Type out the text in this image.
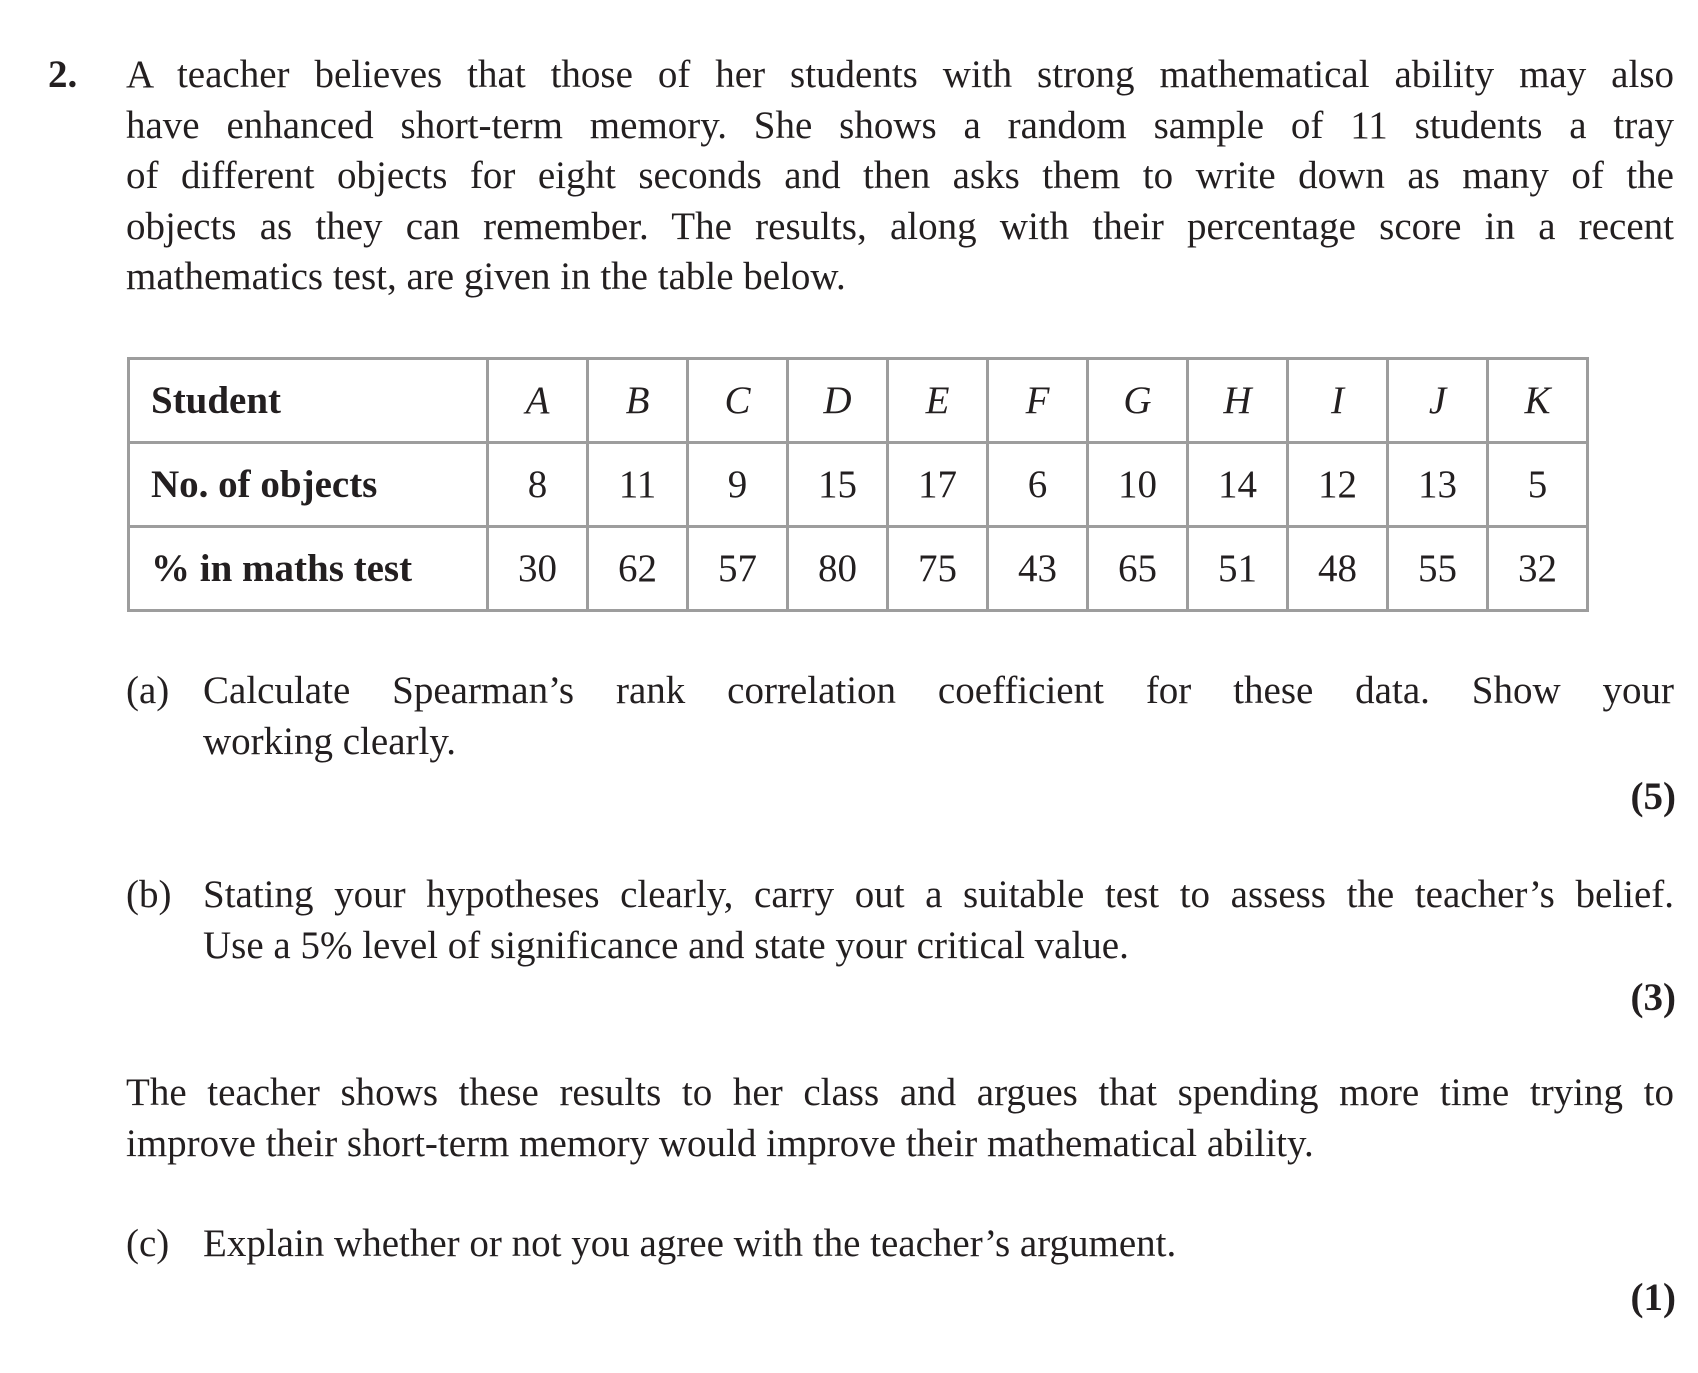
2. A teacher believes that those of her students with strong mathematical ability may also
have enhanced short-term memory. She shows a random sample of 11 students a tray
of different objects for eight seconds and then asks them to write down as many of the
objects as they can remember. The results, along with their percentage score in a recent
mathematics test, are given in the table below.
Student	A	B	C	D	E	F	G	H	I	J	K
No. of objects	8	11	9	15	17	6	10	14	12	13	5
% in maths test	30	62	57	80	75	43	65	51	48	55	32
(a) Calculate Spearman’s rank correlation coefficient for these data. Show your
working clearly.
(5)
(b) Stating your hypotheses clearly, carry out a suitable test to assess the teacher’s belief.
Use a 5% level of significance and state your critical value.
(3)
The teacher shows these results to her class and argues that spending more time trying to
improve their short-term memory would improve their mathematical ability.
(c) Explain whether or not you agree with the teacher’s argument.
(1)
